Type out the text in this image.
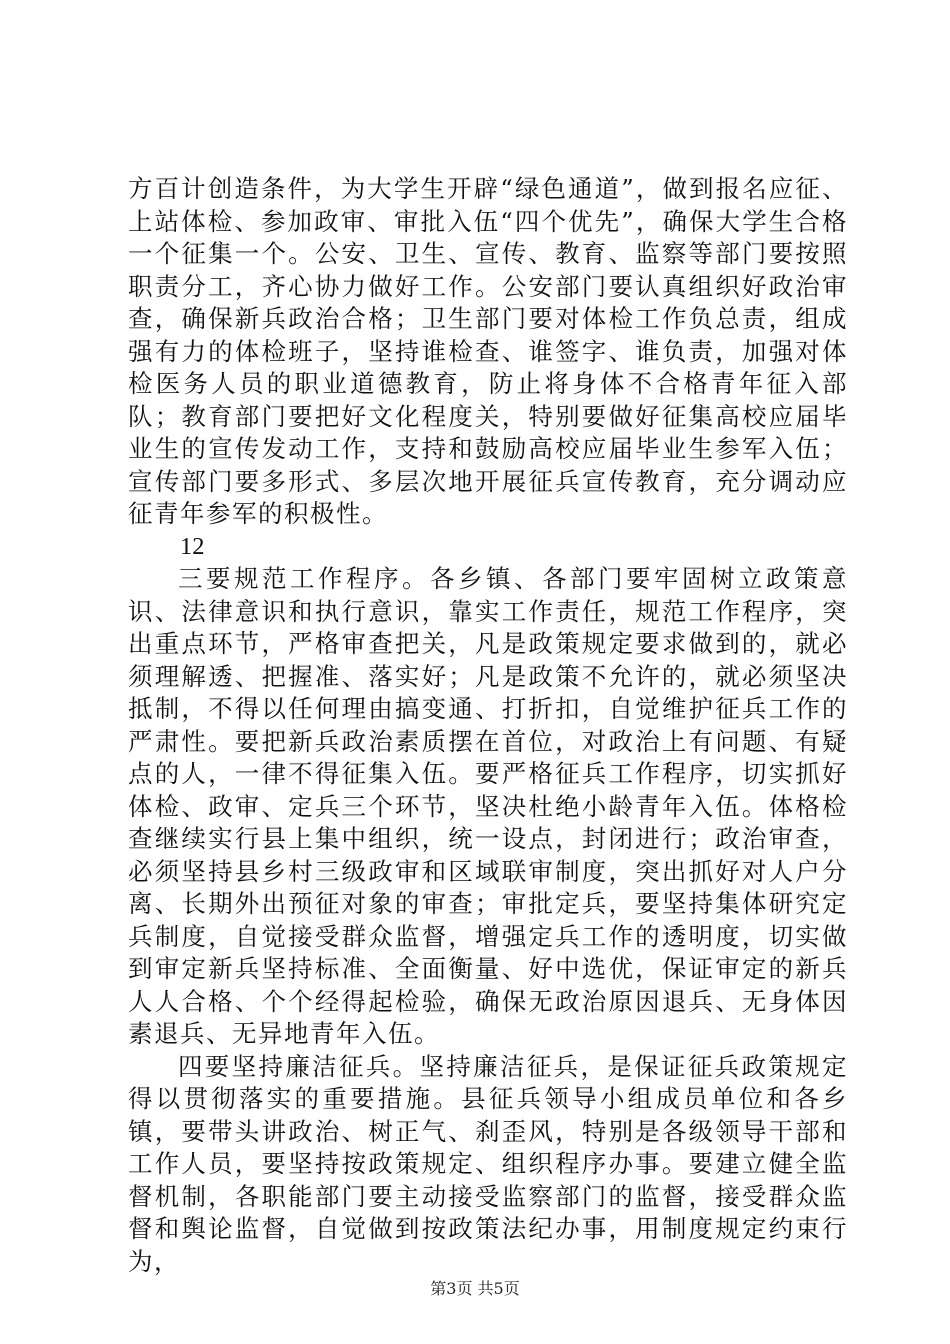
方百计创造条件，为大学生开辟“绿色通道”，做到报名应征、上站体检、参加政审、审批入伍“四个优先”，确保大学生合格一个征集一个。公安、卫生、宣传、教育、监察等部门要按照职责分工，齐心协力做好工作。公安部门要认真组织好政治审查，确保新兵政治合格；卫生部门要对体检工作负总责，组成强有力的体检班子，坚持谁检查、谁签字、谁负责，加强对体检医务人员的职业道德教育，防止将身体不合格青年征入部队；教育部门要把好文化程度关，特别要做好征集高校应届毕业生的宣传发动工作，支持和鼓励高校应届毕业生参军入伍；宣传部门要多形式、多层次地开展征兵宣传教育，充分调动应征青年参军的积极性。

12

三要规范工作程序。各乡镇、各部门要牢固树立政策意识、法律意识和执行意识，靠实工作责任，规范工作程序，突出重点环节，严格审查把关，凡是政策规定要求做到的，就必须理解透、把握准、落实好；凡是政策不允许的，就必须坚决抵制，不得以任何理由搞变通、打折扣，自觉维护征兵工作的严肃性。要把新兵政治素质摆在首位，对政治上有问题、有疑点的人，一律不得征集入伍。要严格征兵工作程序，切实抓好体检、政审、定兵三个环节，坚决杜绝小龄青年入伍。体格检查继续实行县上集中组织，统一设点，封闭进行；政治审查，必须坚持县乡村三级政审和区域联审制度，突出抓好对人户分离、长期外出预征对象的审查；审批定兵，要坚持集体研究定兵制度，自觉接受群众监督，增强定兵工作的透明度，切实做到审定新兵坚持标准、全面衡量、好中选优，保证审定的新兵人人合格、个个经得起检验，确保无政治原因退兵、无身体因素退兵、无异地青年入伍。

四要坚持廉洁征兵。坚持廉洁征兵，是保证征兵政策规定得以贯彻落实的重要措施。县征兵领导小组成员单位和各乡镇，要带头讲政治、树正气、刹歪风，特别是各级领导干部和工作人员，要坚持按政策规定、组织程序办事。要建立健全监督机制，各职能部门要主动接受监察部门的监督，接受群众监督和舆论监督，自觉做到按政策法纪办事，用制度规定约束行为，

第3页 共5页
